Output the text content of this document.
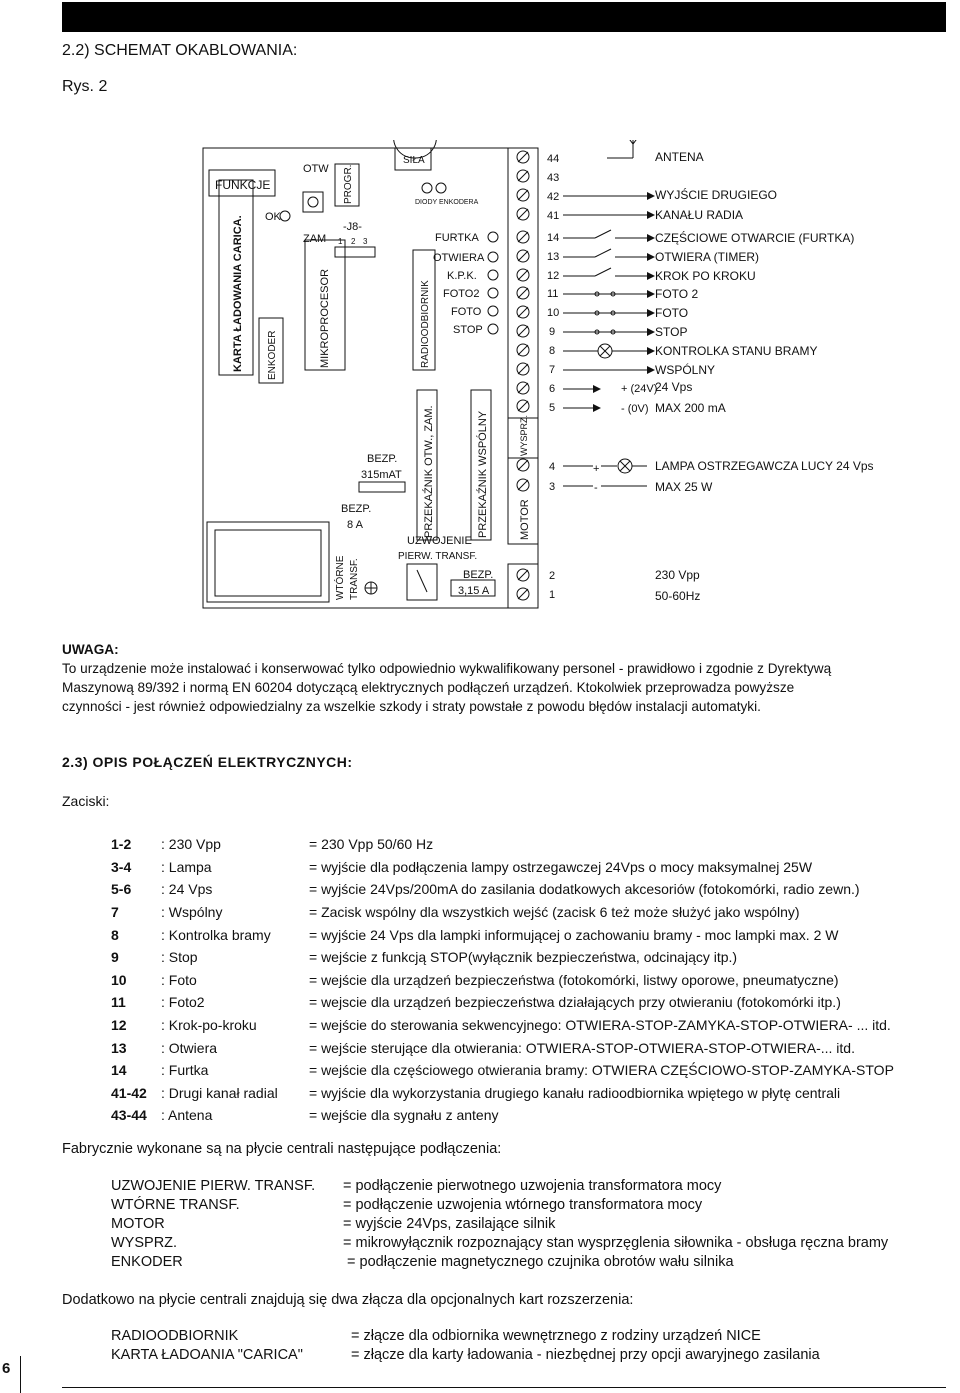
2.2) SCHEMAT OKABLOWANIA:
Rys. 2
KARTA ŁADOWANIA CARICA. ENKODER	MIKROPROCESOR
FUNKCJE
OK
OTW
ZAM
PROGR.
-J8-
1 2 3
SIŁA
DIODY ENKODERA
RADIOODBIORNIK
FURTKA
OTWIERA
K.P.K.
FOTO2
FOTO
STOP
PRZEKAŹNIK OTW., ZAM.	PRZEKAŹNIK WSPÓLNY
BEZP.
315mAT
BEZP.
8 A
UZWOJENIE
PIERW. TRANSF.
WTÓRNE TRANSF.	BEZP.
3,15 A
WYSPRZ.
MOTOR
44
43
42
41
14
13
12
11
10
9
8
7
6
5
4
3
2
1
+ (24V)
- (0V)
+
-
ANTENA
WYJŚCIE DRUGIEGO
KANAŁU RADIA
CZĘŚCIOWE OTWARCIE (FURTKA)
OTWIERA (TIMER)
KROK PO KROKU
FOTO 2
FOTO
STOP
KONTROLKA STANU BRAMY
WSPÓLNY
24 Vps
MAX 200 mA
LAMPA OSTRZEGAWCZA LUCY 24 Vps
MAX 25 W
230 Vpp
50-60Hz
UWAGA:
To urządzenie może instalować i konserwować tylko odpowiednio wykwalifikowany personel - prawidłowo i zgodnie z Dyrektywą
Maszynową 89/392 i normą EN 60204 dotyczącą elektrycznych podłączeń urządzeń. Ktokolwiek przeprowadza powyższe
czynności - jest również odpowiedzialny za wszelkie szkody i straty powstałe z powodu błędów instalacji automatyki.
2.3) OPIS POŁĄCZEŃ ELEKTRYCZNYCH:
Zaciski:
1-2	: 230 Vpp	= 230 Vpp 50/60 Hz
3-4	: Lampa	= wyjście dla podłączenia lampy ostrzegawczej 24Vps o mocy maksymalnej 25W
5-6	: 24 Vps	= wyjście 24Vps/200mA do zasilania dodatkowych akcesoriów (fotokomórki, radio zewn.)
7	: Wspólny	= Zacisk wspólny dla wszystkich wejść (zacisk 6 też może służyć jako wspólny)
8	: Kontrolka bramy	= wyjście 24 Vps dla lampki informującej o zachowaniu bramy - moc lampki max. 2 W
9	: Stop	= wejście z funkcją STOP(wyłącznik bezpieczeństwa, odcinający itp.)
10	: Foto	= wejście dla urządzeń bezpieczeństwa (fotokomórki, listwy oporowe, pneumatyczne)
11	: Foto2	= wejscie dla urządzeń bezpieczeństwa działających przy otwieraniu (fotokomórki itp.)
12	: Krok-po-kroku	= wejście do sterowania sekwencyjnego: OTWIERA-STOP-ZAMYKA-STOP-OTWIERA- ... itd.
13	: Otwiera	= wejście sterujące dla otwierania: OTWIERA-STOP-OTWIERA-STOP-OTWIERA-... itd.
14	: Furtka	= wejście dla częściowego otwierania bramy: OTWIERA CZĘŚCIOWO-STOP-ZAMYKA-STOP
41-42	: Drugi kanał radial	= wyjście dla wykorzystania drugiego kanału radioodbiornika wpiętego w płytę centrali
43-44	: Antena	= wejście dla sygnału z anteny
Fabrycznie wykonane są na płycie centrali następujące podłączenia:
UZWOJENIE PIERW. TRANSF. = podłączenie pierwotnego uzwojenia transformatora mocy
WTÓRNE TRANSF.	= podłączenie uzwojenia wtórnego transformatora mocy
MOTOR	= wyjście 24Vps, zasilające silnik
WYSPRZ.	= mikrowyłącznik rozpoznający stan wysprzęglenia siłownika - obsługa ręczna bramy
ENKODER	= podłączenie magnetycznego czujnika obrotów wału silnika
Dodatkowo na płycie centrali znajdują się dwa złącza dla opcjonalnych kart rozszerzenia:
RADIOODBIORNIK	= złącze dla odbiornika wewnętrznego z rodziny urządzeń NICE
KARTA ŁADOANIA "CARICA"	= złącze dla karty ładowania - niezbędnej przy opcji awaryjnego zasilania
6
